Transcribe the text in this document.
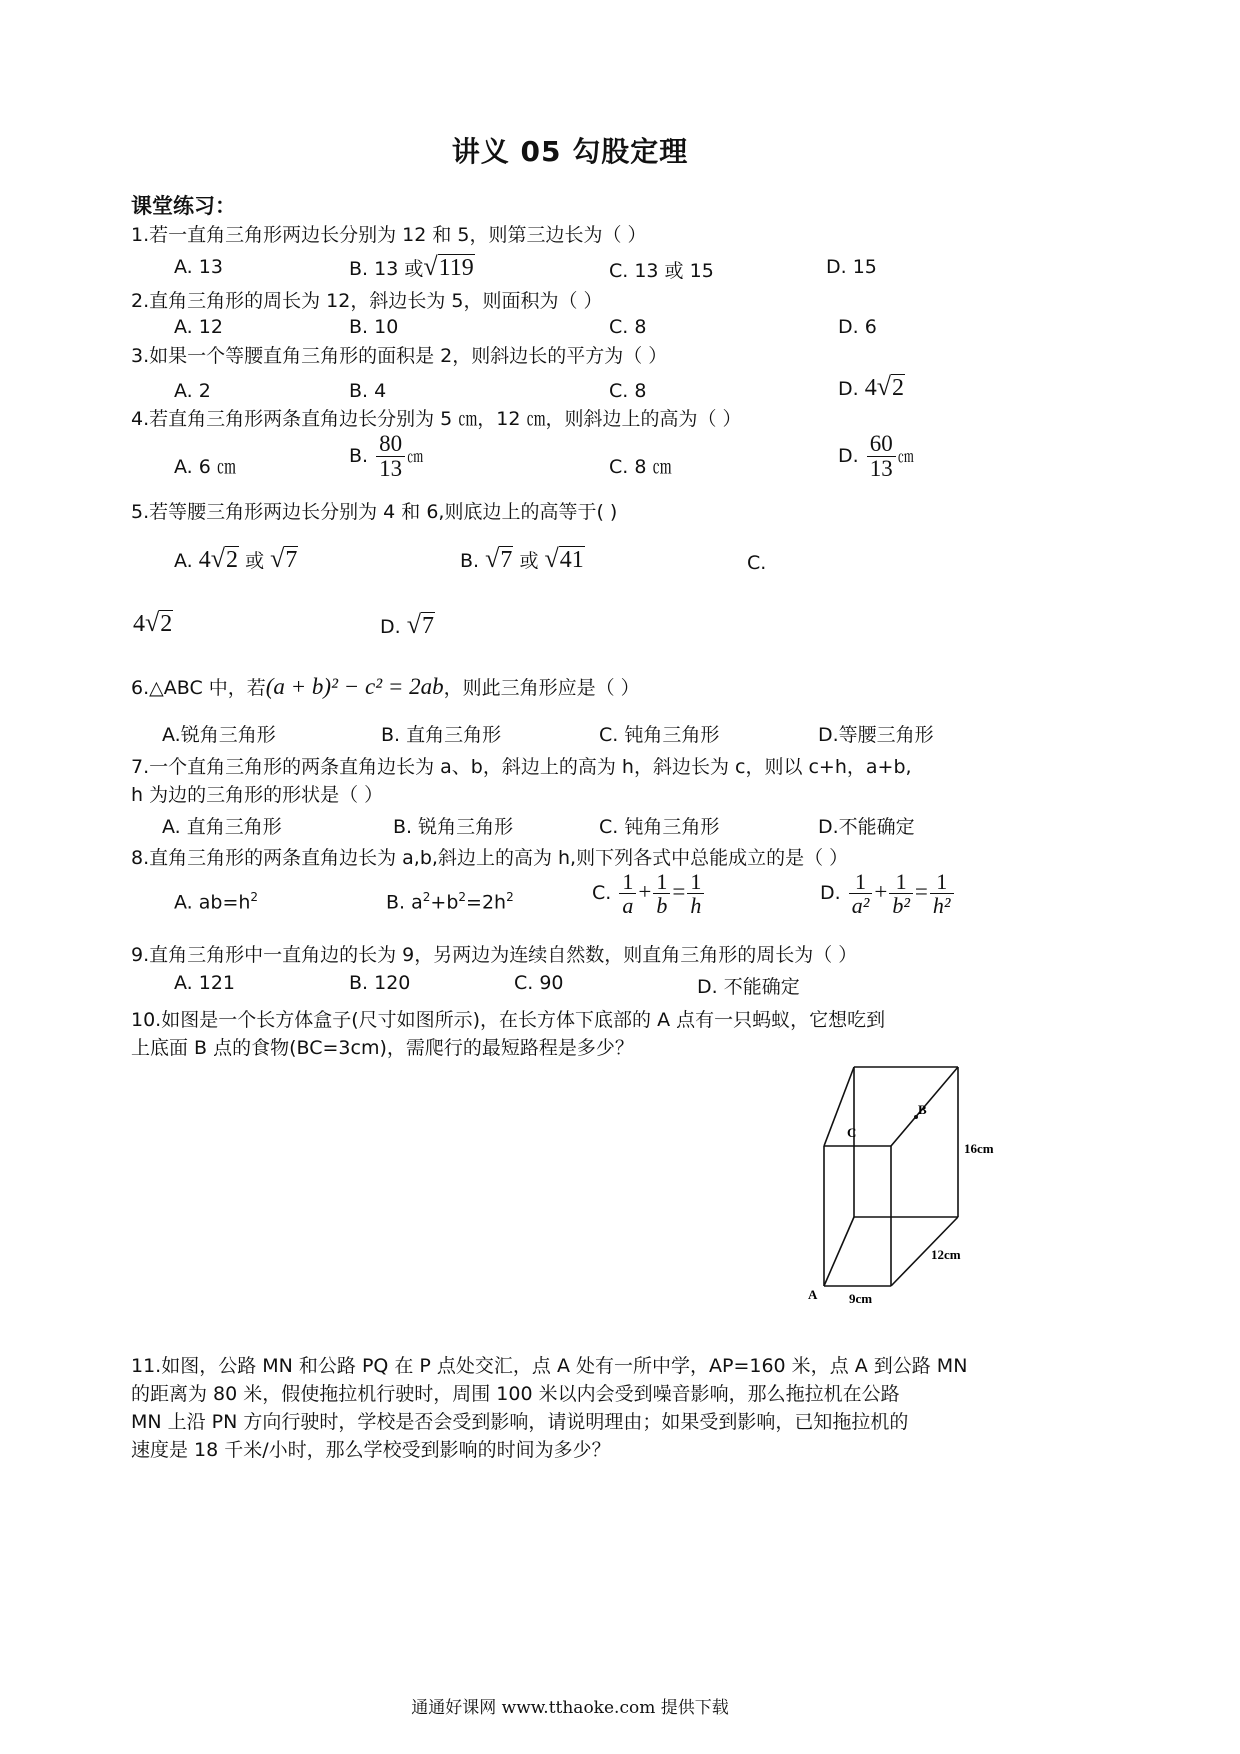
讲义 05 勾股定理
课堂练习：
1.若一直角三角形两边长分别为 12 和 5，则第三边长为（ ）
A. 13	B. 13 或√119	C. 13 或 15	D. 15
2.直角三角形的周长为 12，斜边长为 5，则面积为（ ）
A. 12	B. 10	C. 8	D. 6
3.如果一个等腰直角三角形的面积是 2，则斜边长的平方为（ ）
A. 2	B. 4	C. 8	D. 4√2
4.若直角三角形两条直角边长分别为 5 ㎝，12 ㎝，则斜边上的高为（ ）
A. 6 ㎝	B. $\frac{80}{13}$ ㎝	C. 8 ㎝	D. $\frac{60}{13}$ ㎝
5.若等腰三角形两边长分别为 4 和 6,则底边上的高等于( )
A. 4√2 或 √7	B. √7 或 √41	C.
4√2	D. √7
6.△ABC 中，若(a + b)² − c² = 2ab，则此三角形应是（ ）
A.锐角三角形	B. 直角三角形	C. 钝角三角形	D.等腰三角形
7.一个直角三角形的两条直角边长为 a、b，斜边上的高为 h，斜边长为 c，则以 c+h，a+b,
h 为边的三角形的形状是（ ）
A. 直角三角形	B. 锐角三角形	C. 钝角三角形	D.不能确定
8.直角三角形的两条直角边长为 a,b,斜边上的高为 h,则下列各式中总能成立的是（ ）
A. $ab=h^2$	B. $a^2+b^2=2h^2$	C. $\frac{1}{a} + \frac{1}{b} = \frac{1}{h}$	D. $\frac{1}{\text{a²}} + \frac{1}{\text{b²}} = \frac{1}{\text{h²}}$
9.直角三角形中一直角边的长为 9，另两边为连续自然数，则直角三角形的周长为（ ）
A. 121	B. 120	C. 90	D. 不能确定
10.如图是一个长方体盒子(尺寸如图所示)，在长方体下底部的 A 点有一只蚂蚁，它想吃到
上底面 B 点的食物(BC=3cm)，需爬行的最短路程是多少？
B
C
A
16cm
12cm
9cm
11.如图，公路 MN 和公路 PQ 在 P 点处交汇，点 A 处有一所中学，AP=160 米，点 A 到公路 MN
的距离为 80 米，假使拖拉机行驶时，周围 100 米以内会受到噪音影响，那么拖拉机在公路
MN 上沿 PN 方向行驶时，学校是否会受到影响，请说明理由；如果受到影响，已知拖拉机的
速度是 18 千米/小时，那么学校受到影响的时间为多少？
通通好课网 www.tthaoke.com 提供下载
